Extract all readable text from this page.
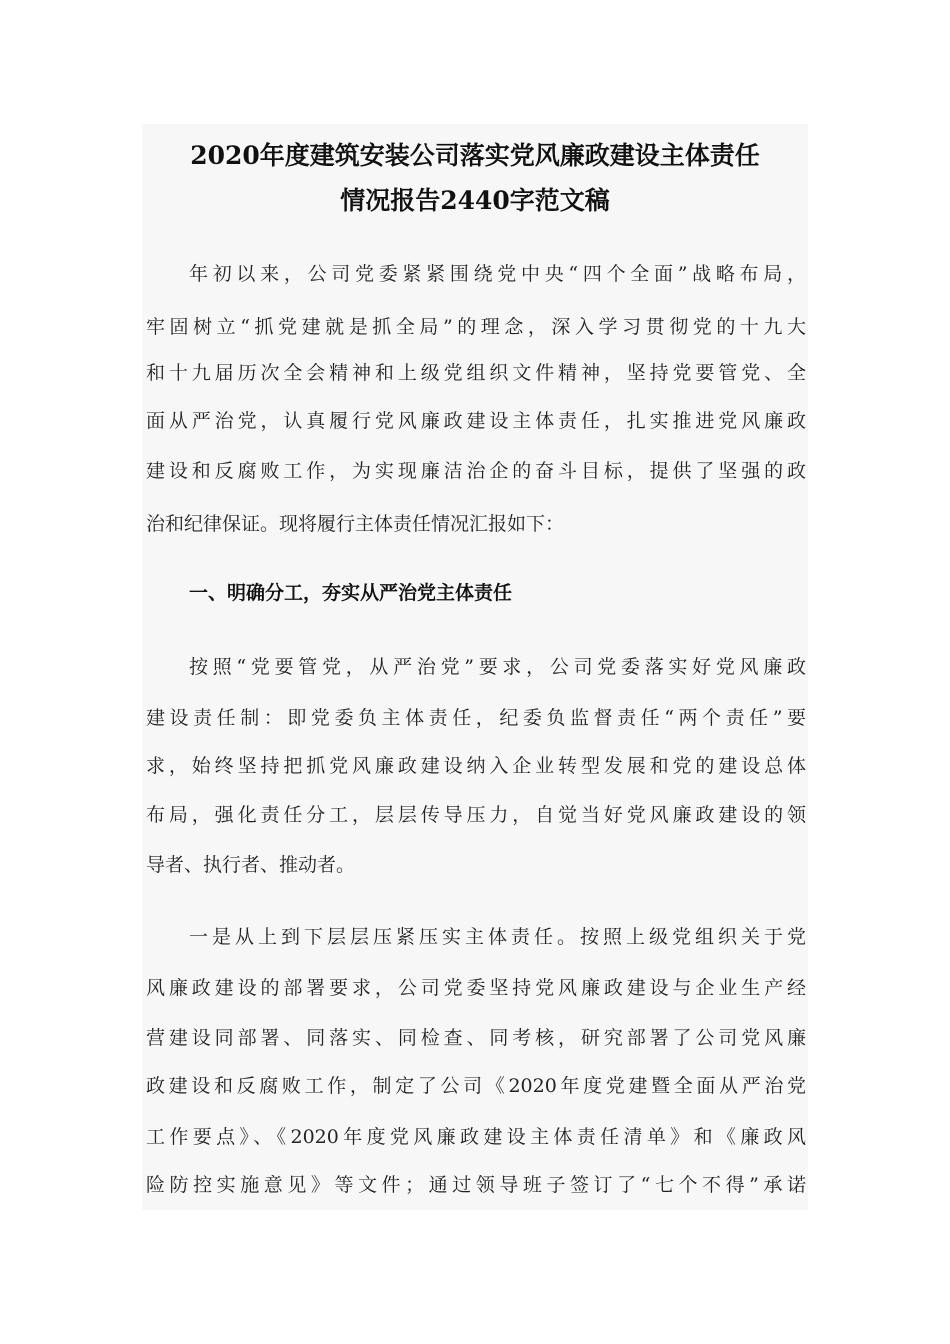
2020年度建筑安装公司落实党风廉政建设主体责任
情况报告2440字范文稿
年初以来，公司党委紧紧围绕党中央“四个全面”战略布局，
牢固树立“抓党建就是抓全局”的理念，深入学习贯彻党的十九大
和十九届历次全会精神和上级党组织文件精神，坚持党要管党、全
面从严治党，认真履行党风廉政建设主体责任，扎实推进党风廉政
建设和反腐败工作，为实现廉洁治企的奋斗目标，提供了坚强的政
治和纪律保证。现将履行主体责任情况汇报如下：
一、明确分工，夯实从严治党主体责任
按照“党要管党，从严治党”要求，公司党委落实好党风廉政
建设责任制：即党委负主体责任，纪委负监督责任“两个责任”要
求，始终坚持把抓党风廉政建设纳入企业转型发展和党的建设总体
布局，强化责任分工，层层传导压力，自觉当好党风廉政建设的领
导者、执行者、推动者。
一是从上到下层层压紧压实主体责任。按照上级党组织关于党
风廉政建设的部署要求，公司党委坚持党风廉政建设与企业生产经
营建设同部署、同落实、同检查、同考核，研究部署了公司党风廉
政建设和反腐败工作，制定了公司《2020年度党建暨全面从严治党
工作要点》、《2020年度党风廉政建设主体责任清单》和《廉政风
险防控实施意见》等文件；通过领导班子签订了“七个不得”承诺
